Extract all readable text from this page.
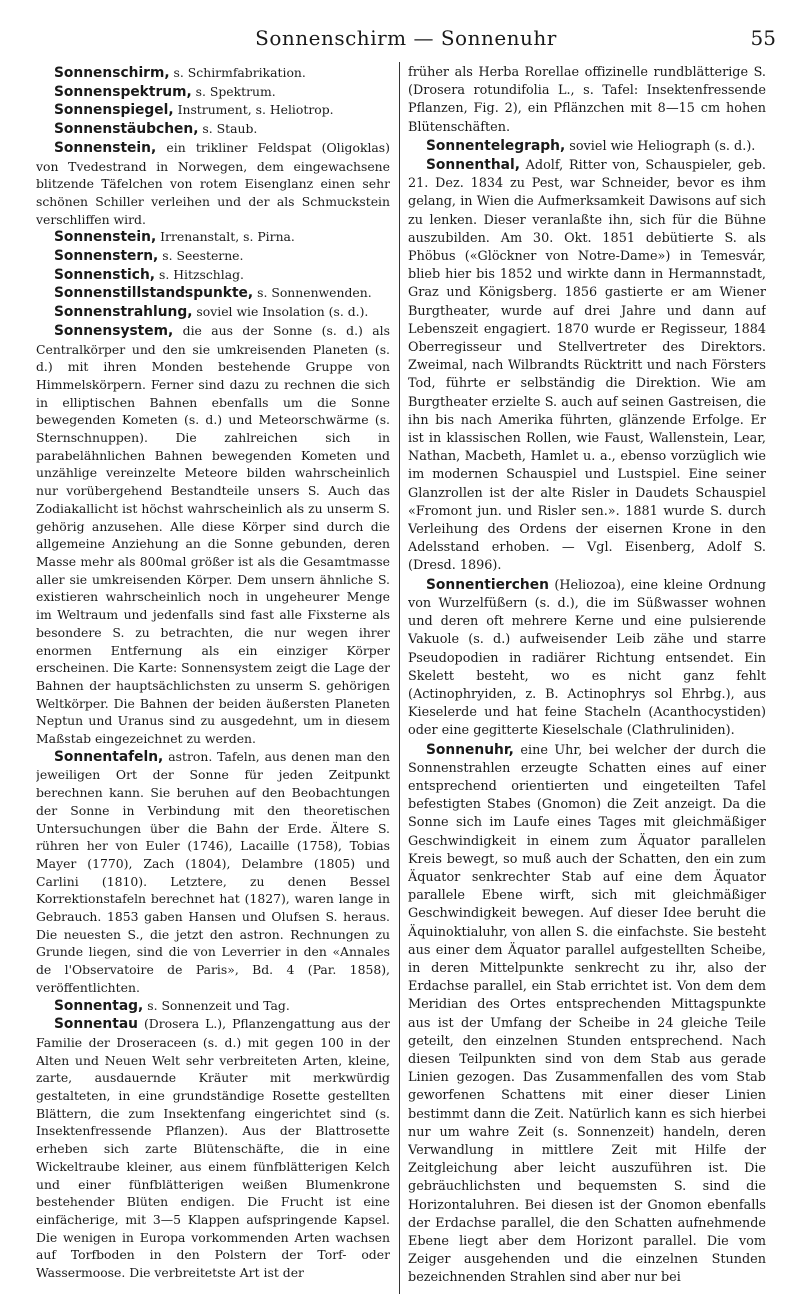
Sonnenschirm — Sonnenuhr	55

Sonnenschirm, s. Schirmfabrikation.

Sonnenspektrum, s. Spektrum.

Sonnenspiegel, Instrument, s. Heliotrop.

Sonnenstäubchen, s. Staub.

Sonnenstein, ein trikliner Feldspat (Oligoklas) von Tvedestrand in Norwegen, dem eingewachsene blitzende Täfelchen von rotem Eisenglanz einen sehr schönen Schiller verleihen und der als Schmuckstein verschliffen wird.

Sonnenstein, Irrenanstalt, s. Pirna.

Sonnenstern, s. Seesterne.

Sonnenstich, s. Hitzschlag.

Sonnenstillstandspunkte, s. Sonnenwenden.

Sonnenstrahlung, soviel wie Insolation (s. d.).

Sonnensystem, die aus der Sonne (s. d.) als Centralkörper und den sie umkreisenden Planeten (s. d.) mit ihren Monden bestehende Gruppe von Himmelskörpern. Ferner sind dazu zu rechnen die sich in elliptischen Bahnen ebenfalls um die Sonne bewegenden Kometen (s. d.) und Meteorschwärme (s. Sternschnuppen). Die zahlreichen sich in parabelähnlichen Bahnen bewegenden Kometen und unzählige vereinzelte Meteore bilden wahrscheinlich nur vorübergehend Bestandteile unsers S. Auch das Zodiakallicht ist höchst wahrscheinlich als zu unserm S. gehörig anzusehen. Alle diese Körper sind durch die allgemeine Anziehung an die Sonne gebunden, deren Masse mehr als 800mal größer ist als die Gesamtmasse aller sie umkreisenden Körper. Dem unsern ähnliche S. existieren wahrscheinlich noch in ungeheurer Menge im Weltraum und jedenfalls sind fast alle Fixsterne als besondere S. zu betrachten, die nur wegen ihrer enormen Entfernung als ein einziger Körper erscheinen. Die Karte: Sonnensystem zeigt die Lage der Bahnen der hauptsächlichsten zu unserm S. gehörigen Weltkörper. Die Bahnen der beiden äußersten Planeten Neptun und Uranus sind zu ausgedehnt, um in diesem Maßstab eingezeichnet zu werden.

Sonnentafeln, astron. Tafeln, aus denen man den jeweiligen Ort der Sonne für jeden Zeitpunkt berechnen kann. Sie beruhen auf den Beobachtungen der Sonne in Verbindung mit den theoretischen Untersuchungen über die Bahn der Erde. Ältere S. rühren her von Euler (1746), Lacaille (1758), Tobias Mayer (1770), Zach (1804), Delambre (1805) und Carlini (1810). Letztere, zu denen Bessel Korrektionstafeln berechnet hat (1827), waren lange in Gebrauch. 1853 gaben Hansen und Olufsen S. heraus. Die neuesten S., die jetzt den astron. Rechnungen zu Grunde liegen, sind die von Leverrier in den «Annales de l'Observatoire de Paris», Bd. 4 (Par. 1858), veröffentlichten.

Sonnentag, s. Sonnenzeit und Tag.

Sonnentau (Drosera L.), Pflanzengattung aus der Familie der Droseraceen (s. d.) mit gegen 100 in der Alten und Neuen Welt sehr verbreiteten Arten, kleine, zarte, ausdauernde Kräuter mit merkwürdig gestalteten, in eine grundständige Rosette gestellten Blättern, die zum Insektenfang eingerichtet sind (s. Insektenfressende Pflanzen). Aus der Blattrosette erheben sich zarte Blütenschäfte, die in eine Wickeltraube kleiner, aus einem fünfblätterigen Kelch und einer fünfblätterigen weißen Blumenkrone bestehender Blüten endigen. Die Frucht ist eine einfächerige, mit 3—5 Klappen aufspringende Kapsel. Die wenigen in Europa vorkommenden Arten wachsen auf Torfboden in den Polstern der Torf- oder Wassermoose. Die verbreitetste Art ist der

früher als Herba Rorellae offizinelle rundblätterige S. (Drosera rotundifolia L., s. Tafel: Insektenfressende Pflanzen, Fig. 2), ein Pflänzchen mit 8—15 cm hohen Blütenschäften.

Sonnentelegraph, soviel wie Heliograph (s. d.).

Sonnenthal, Adolf, Ritter von, Schauspieler, geb. 21. Dez. 1834 zu Pest, war Schneider, bevor es ihm gelang, in Wien die Aufmerksamkeit Dawisons auf sich zu lenken. Dieser veranlaßte ihn, sich für die Bühne auszubilden. Am 30. Okt. 1851 debütierte S. als Phöbus («Glöckner von Notre-Dame») in Temesvár, blieb hier bis 1852 und wirkte dann in Hermannstadt, Graz und Königsberg. 1856 gastierte er am Wiener Burgtheater, wurde auf drei Jahre und dann auf Lebenszeit engagiert. 1870 wurde er Regisseur, 1884 Oberregisseur und Stellvertreter des Direktors. Zweimal, nach Wilbrandts Rücktritt und nach Försters Tod, führte er selbständig die Direktion. Wie am Burgtheater erzielte S. auch auf seinen Gastreisen, die ihn bis nach Amerika führten, glänzende Erfolge. Er ist in klassischen Rollen, wie Faust, Wallenstein, Lear, Nathan, Macbeth, Hamlet u. a., ebenso vorzüglich wie im modernen Schauspiel und Lustspiel. Eine seiner Glanzrollen ist der alte Risler in Daudets Schauspiel «Fromont jun. und Risler sen.». 1881 wurde S. durch Verleihung des Ordens der eisernen Krone in den Adelsstand erhoben. — Vgl. Eisenberg, Adolf S. (Dresd. 1896).

Sonnentierchen (Heliozoa), eine kleine Ordnung von Wurzelfüßern (s. d.), die im Süßwasser wohnen und deren oft mehrere Kerne und eine pulsierende Vakuole (s. d.) aufweisender Leib zähe und starre Pseudopodien in radiärer Richtung entsendet. Ein Skelett besteht, wo es nicht ganz fehlt (Actinophryiden, z. B. Actinophrys sol Ehrbg.), aus Kieselerde und hat feine Stacheln (Acanthocystiden) oder eine gegitterte Kieselschale (Clathruliniden).

Sonnenuhr, eine Uhr, bei welcher der durch die Sonnenstrahlen erzeugte Schatten eines auf einer entsprechend orientierten und eingeteilten Tafel befestigten Stabes (Gnomon) die Zeit anzeigt. Da die Sonne sich im Laufe eines Tages mit gleichmäßiger Geschwindigkeit in einem zum Äquator parallelen Kreis bewegt, so muß auch der Schatten, den ein zum Äquator senkrechter Stab auf eine dem Äquator parallele Ebene wirft, sich mit gleichmäßiger Geschwindigkeit bewegen. Auf dieser Idee beruht die Äquinoktialuhr, von allen S. die einfachste. Sie besteht aus einer dem Äquator parallel aufgestellten Scheibe, in deren Mittelpunkte senkrecht zu ihr, also der Erdachse parallel, ein Stab errichtet ist. Von dem dem Meridian des Ortes entsprechenden Mittagspunkte aus ist der Umfang der Scheibe in 24 gleiche Teile geteilt, den einzelnen Stunden entsprechend. Nach diesen Teilpunkten sind von dem Stab aus gerade Linien gezogen. Das Zusammenfallen des vom Stab geworfenen Schattens mit einer dieser Linien bestimmt dann die Zeit. Natürlich kann es sich hierbei nur um wahre Zeit (s. Sonnenzeit) handeln, deren Verwandlung in mittlere Zeit mit Hilfe der Zeitgleichung aber leicht auszuführen ist. Die gebräuchlichsten und bequemsten S. sind die Horizontaluhren. Bei diesen ist der Gnomon ebenfalls der Erdachse parallel, die den Schatten aufnehmende Ebene liegt aber dem Horizont parallel. Die vom Zeiger ausgehenden und die einzelnen Stunden bezeichnenden Strahlen sind aber nur bei
